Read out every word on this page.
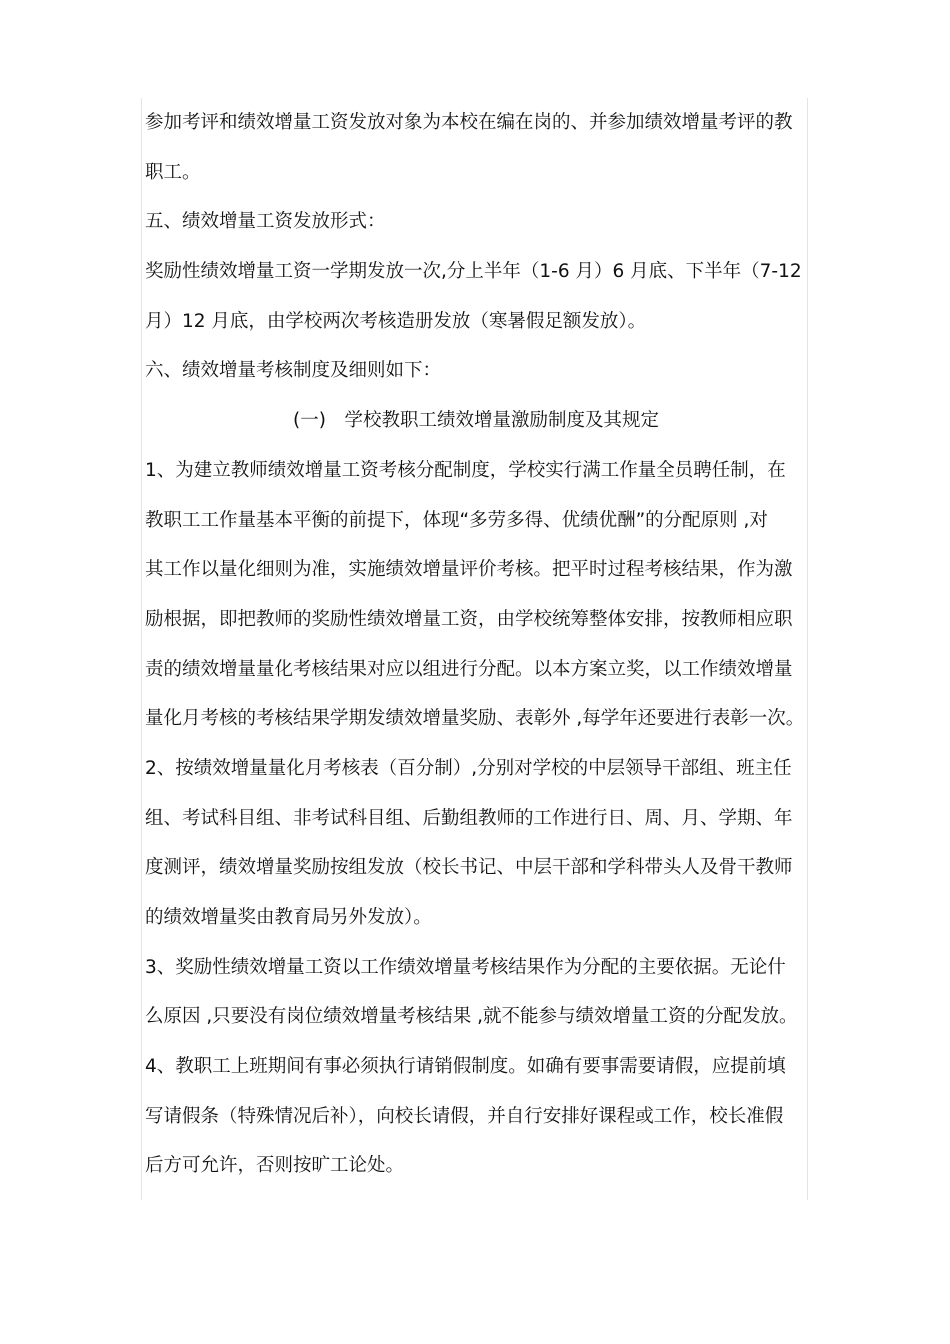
参加考评和绩效增量工资发放对象为本校在编在岗的、并参加绩效增量考评的教
职工。
五、绩效增量工资发放形式：
奖励性绩效增量工资一学期发放一次,分上半年（1-6 月）6 月底、下半年（7-12
月）12 月底，由学校两次考核造册发放（寒暑假足额发放）。
六、绩效增量考核制度及细则如下：
(一)　学校教职工绩效增量激励制度及其规定
1、为建立教师绩效增量工资考核分配制度，学校实行满工作量全员聘任制，在
教职工工作量基本平衡的前提下，体现“多劳多得、优绩优酬”的分配原则 ,对
其工作以量化细则为准，实施绩效增量评价考核。把平时过程考核结果，作为激
励根据，即把教师的奖励性绩效增量工资，由学校统筹整体安排，按教师相应职
责的绩效增量量化考核结果对应以组进行分配。以本方案立奖，以工作绩效增量
量化月考核的考核结果学期发绩效增量奖励、表彰外 ,每学年还要进行表彰一次。
2、按绩效增量量化月考核表（百分制）,分别对学校的中层领导干部组、班主任
组、考试科目组、非考试科目组、后勤组教师的工作进行日、周、月、学期、年
度测评，绩效增量奖励按组发放（校长书记、中层干部和学科带头人及骨干教师
的绩效增量奖由教育局另外发放）。
3、奖励性绩效增量工资以工作绩效增量考核结果作为分配的主要依据。无论什
么原因 ,只要没有岗位绩效增量考核结果 ,就不能参与绩效增量工资的分配发放。
4、教职工上班期间有事必须执行请销假制度。如确有要事需要请假，应提前填
写请假条（特殊情况后补），向校长请假，并自行安排好课程或工作，校长准假
后方可允许，否则按旷工论处。
